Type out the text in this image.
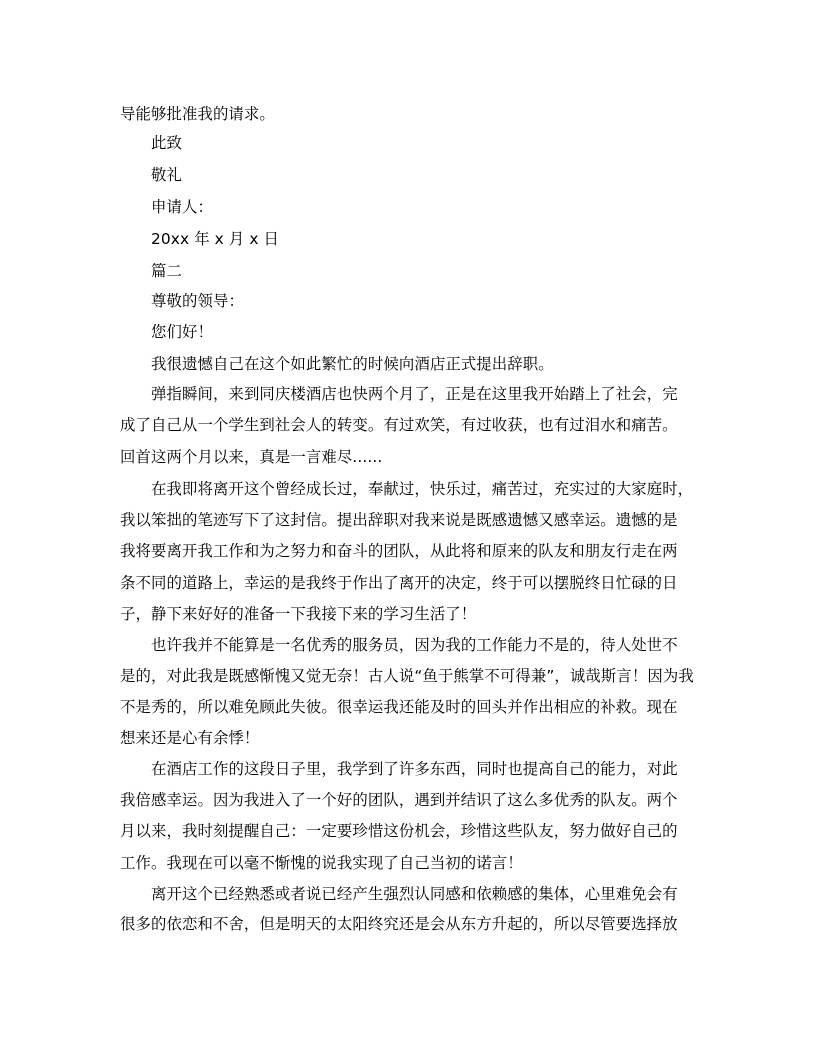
导能够批准我的请求。
此致
敬礼
申请人：
20xx 年 x 月 x 日
篇二
尊敬的领导：
您们好！
我很遗憾自己在这个如此繁忙的时候向酒店正式提出辞职。
弹指瞬间，来到同庆楼酒店也快两个月了，正是在这里我开始踏上了社会，完
成了自己从一个学生到社会人的转变。有过欢笑，有过收获，也有过泪水和痛苦。
回首这两个月以来，真是一言难尽......
在我即将离开这个曾经成长过，奉献过，快乐过，痛苦过，充实过的大家庭时，
我以笨拙的笔迹写下了这封信。提出辞职对我来说是既感遗憾又感幸运。遗憾的是
我将要离开我工作和为之努力和奋斗的团队，从此将和原来的队友和朋友行走在两
条不同的道路上，幸运的是我终于作出了离开的决定，终于可以摆脱终日忙碌的日
子，静下来好好的准备一下我接下来的学习生活了！
也许我并不能算是一名优秀的服务员，因为我的工作能力不是的，待人处世不
是的，对此我是既感惭愧又觉无奈！古人说“鱼于熊掌不可得兼”，诚哉斯言！因为我
不是秀的，所以难免顾此失彼。很幸运我还能及时的回头并作出相应的补救。现在
想来还是心有余悸！
在酒店工作的这段日子里，我学到了许多东西，同时也提高自己的能力，对此
我倍感幸运。因为我进入了一个好的团队，遇到并结识了这么多优秀的队友。两个
月以来，我时刻提醒自己：一定要珍惜这份机会，珍惜这些队友，努力做好自己的
工作。我现在可以毫不惭愧的说我实现了自己当初的诺言！
离开这个已经熟悉或者说已经产生强烈认同感和依赖感的集体，心里难免会有
很多的依恋和不舍，但是明天的太阳终究还是会从东方升起的，所以尽管要选择放
